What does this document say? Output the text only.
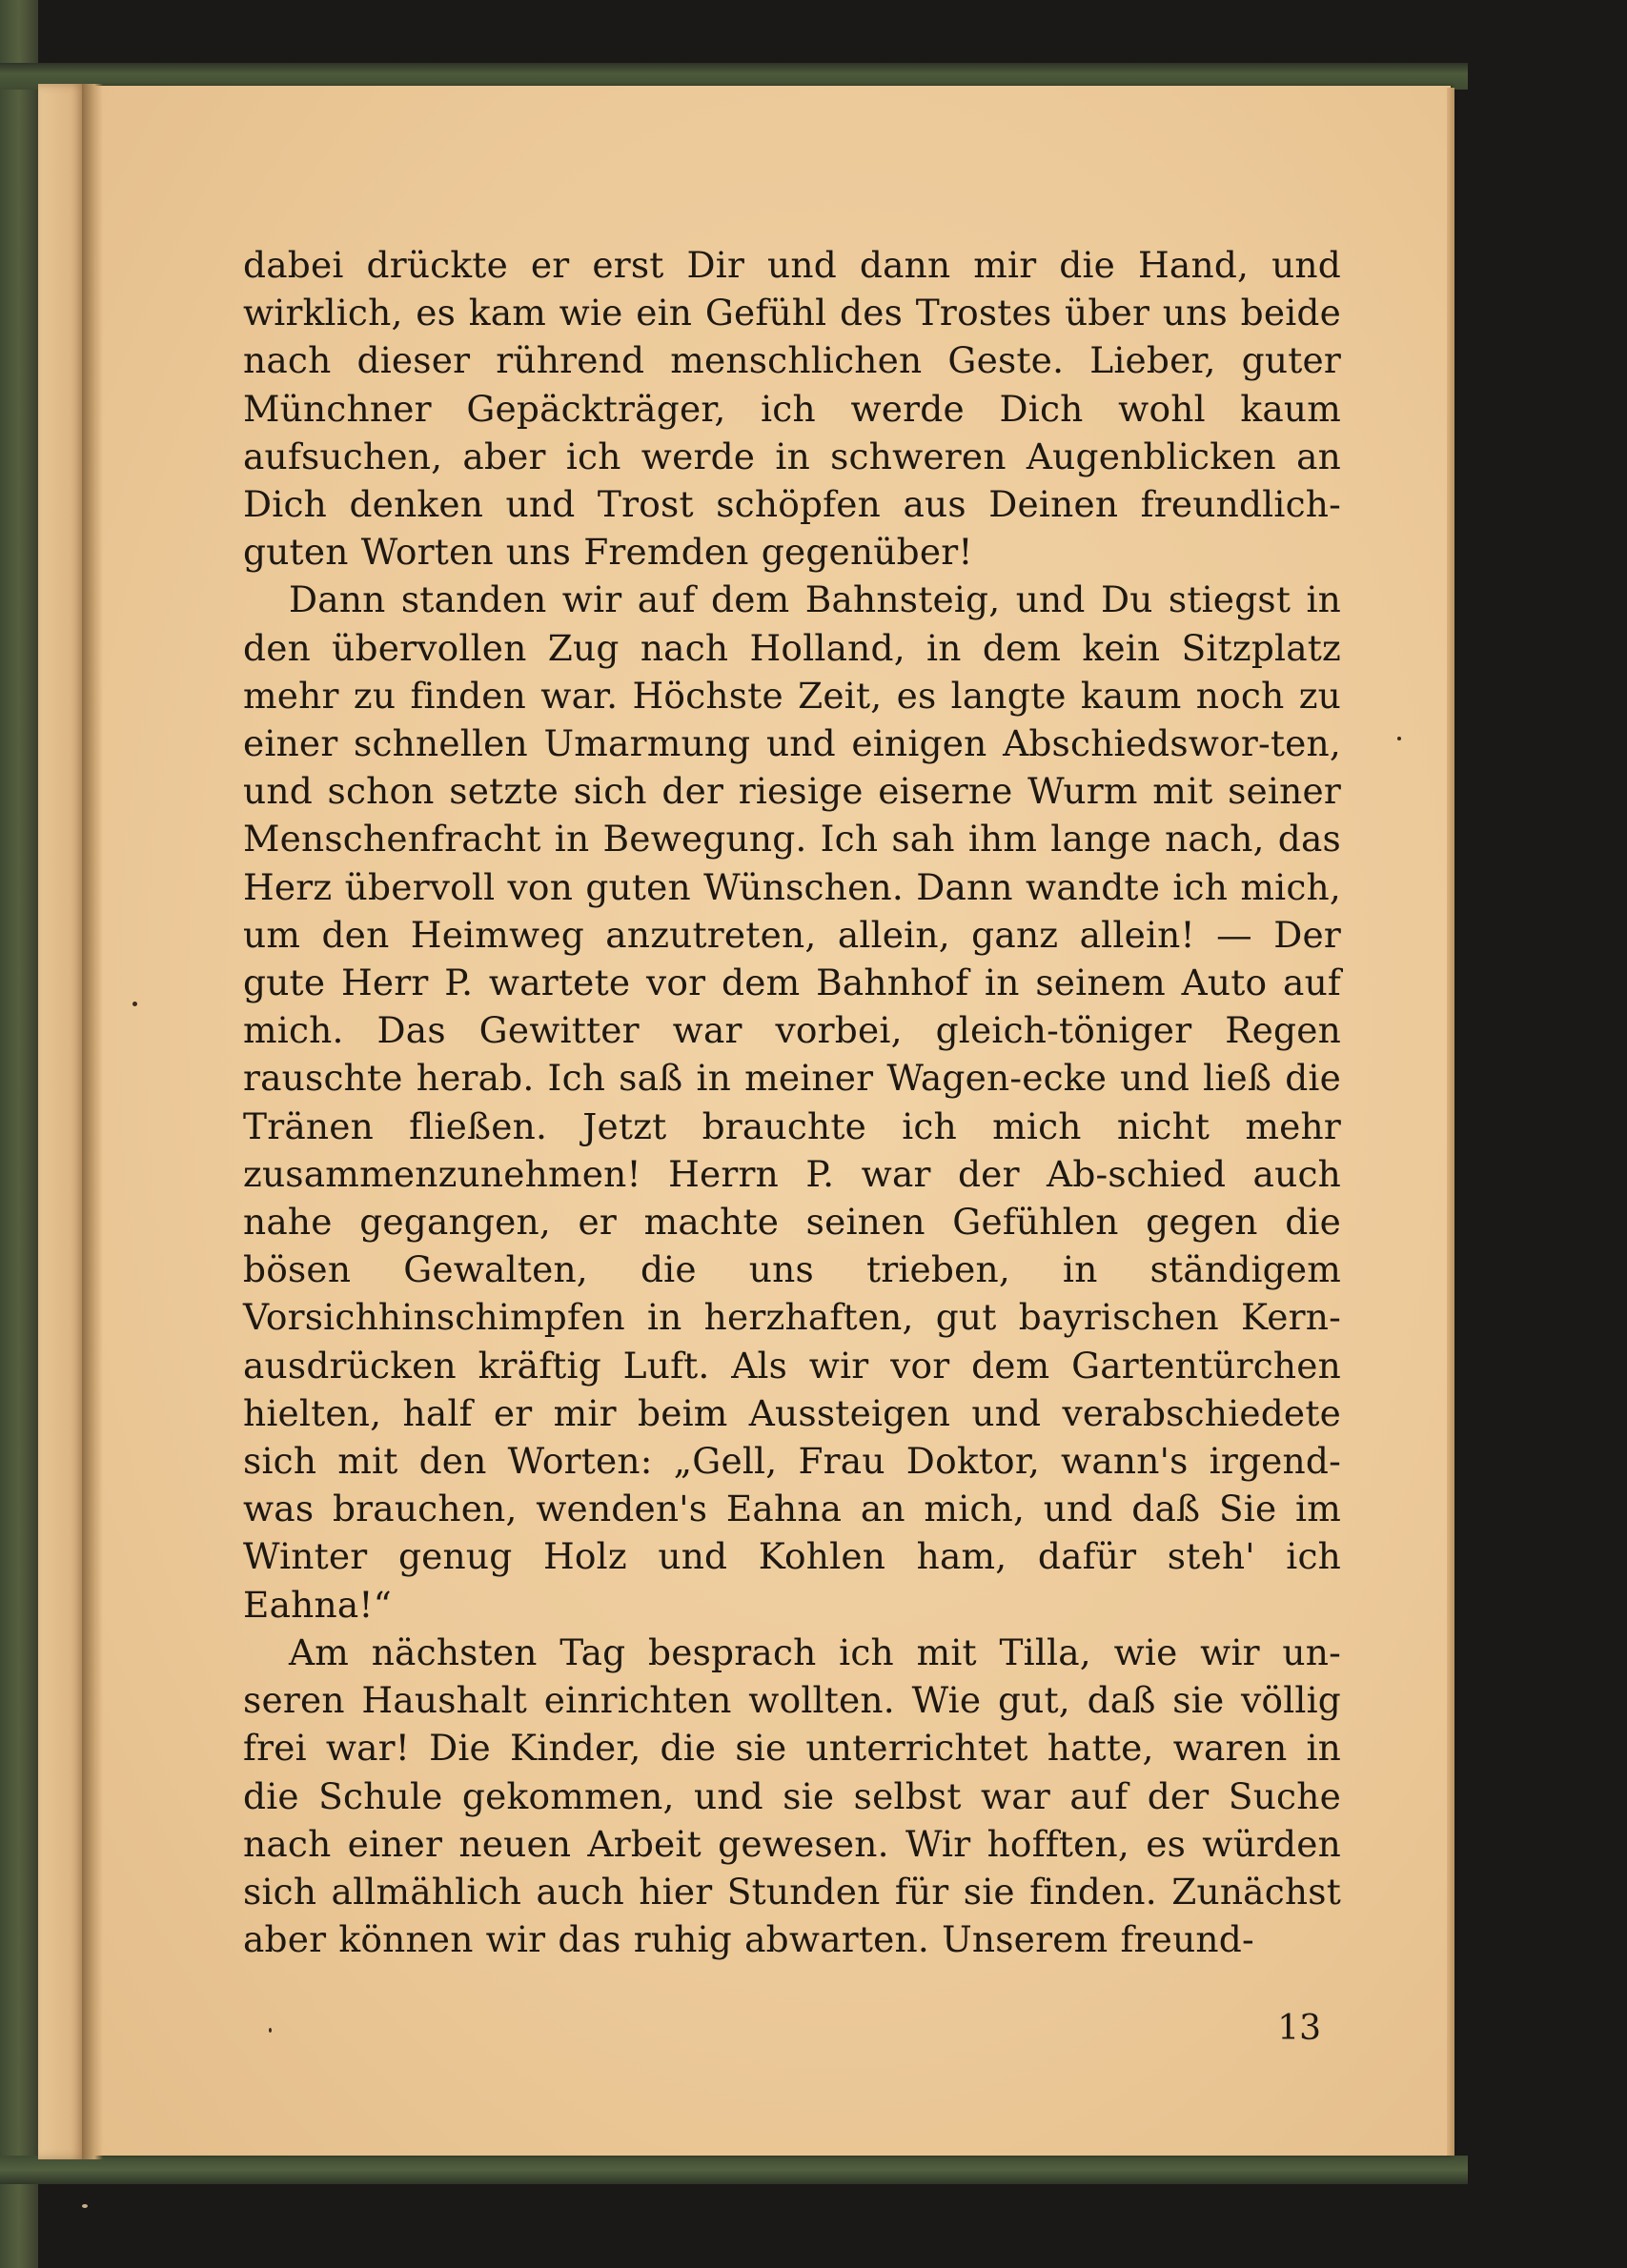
dabei drückte er erst Dir und dann mir die Hand, und wirklich, es kam wie ein Gefühl des Trostes über uns beide nach dieser rührend menschlichen Geste. Lieber, guter Münchner Gepäckträger, ich werde Dich wohl kaum aufsuchen, aber ich werde in schweren Augenblicken an Dich denken und Trost schöpfen aus Deinen freundlich-guten Worten uns Fremden gegenüber!

Dann standen wir auf dem Bahnsteig, und Du stiegst in den übervollen Zug nach Holland, in dem kein Sitzplatz mehr zu finden war. Höchste Zeit, es langte kaum noch zu einer schnellen Umarmung und einigen Abschiedswor-ten, und schon setzte sich der riesige eiserne Wurm mit seiner Menschenfracht in Bewegung. Ich sah ihm lange nach, das Herz übervoll von guten Wünschen. Dann wandte ich mich, um den Heimweg anzutreten, allein, ganz allein! — Der gute Herr P. wartete vor dem Bahnhof in seinem Auto auf mich. Das Gewitter war vorbei, gleich-töniger Regen rauschte herab. Ich saß in meiner Wagen-ecke und ließ die Tränen fließen. Jetzt brauchte ich mich nicht mehr zusammenzunehmen! Herrn P. war der Ab-schied auch nahe gegangen, er machte seinen Gefühlen gegen die bösen Gewalten, die uns trieben, in ständigem Vorsichhinschimpfen in herzhaften, gut bayrischen Kern-ausdrücken kräftig Luft. Als wir vor dem Gartentürchen hielten, half er mir beim Aussteigen und verabschiedete sich mit den Worten: „Gell, Frau Doktor, wann's irgend-was brauchen, wenden's Eahna an mich, und daß Sie im Winter genug Holz und Kohlen ham, dafür steh' ich Eahna!“

Am nächsten Tag besprach ich mit Tilla, wie wir un-seren Haushalt einrichten wollten. Wie gut, daß sie völlig frei war! Die Kinder, die sie unterrichtet hatte, waren in die Schule gekommen, und sie selbst war auf der Suche nach einer neuen Arbeit gewesen. Wir hofften, es würden sich allmählich auch hier Stunden für sie finden. Zunächst aber können wir das ruhig abwarten. Unserem freund-

13
